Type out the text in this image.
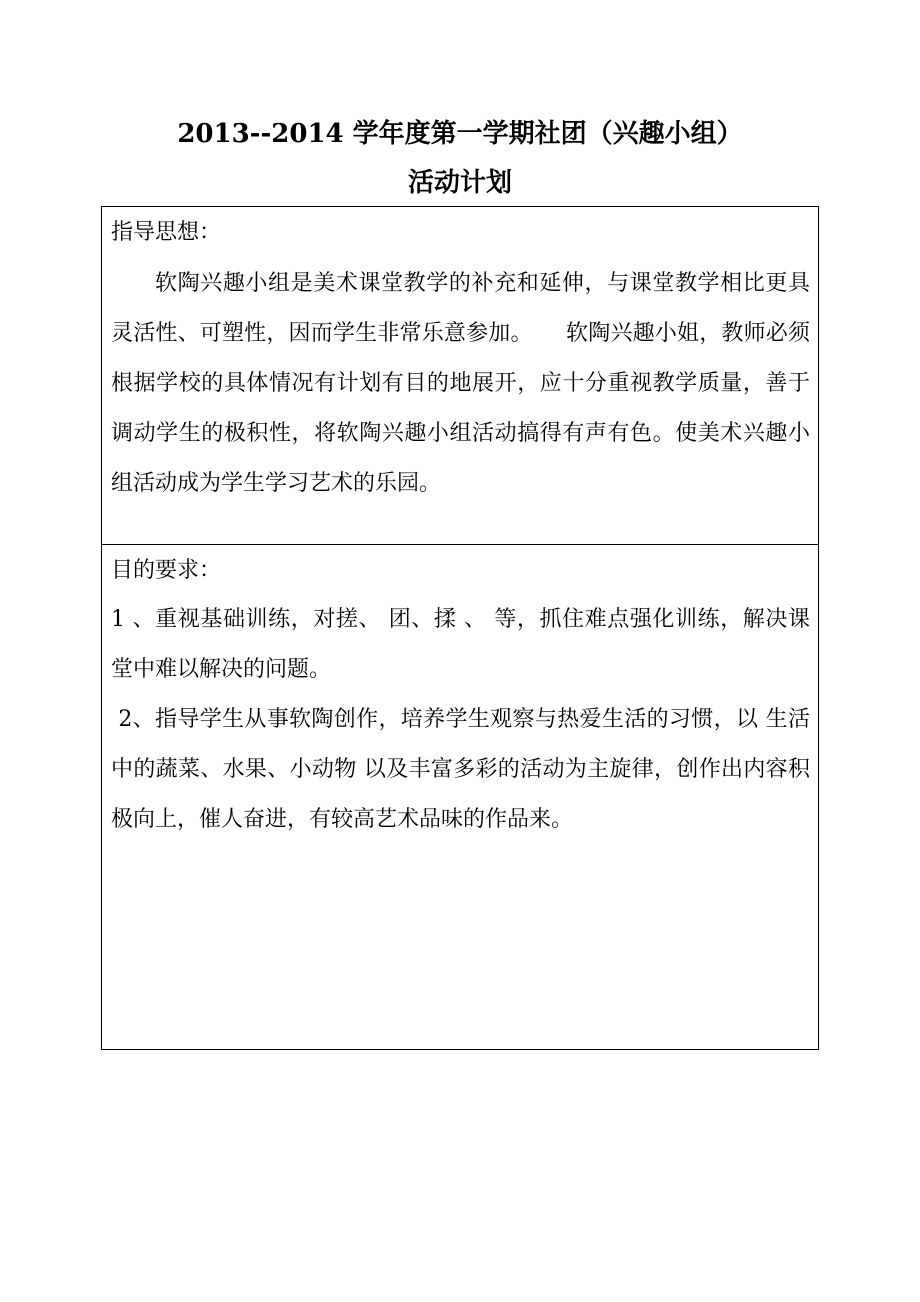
2013--2014 学年度第一学期社团（兴趣小组）
活动计划
指导思想：

软陶兴趣小组是美术课堂教学的补充和延伸，与课堂教学相比更具灵活性、可塑性，因而学生非常乐意参加。　　软陶兴趣小姐，教师必须根据学校的具体情况有计划有目的地展开，应十分重视教学质量，善于调动学生的极积性，将软陶兴趣小组活动搞得有声有色。使美术兴趣小组活动成为学生学习艺术的乐园。

目的要求：

1 、重视基础训练，对搓、 团、揉 、 等，抓住难点强化训练，解决课堂中难以解决的问题。

2、指导学生从事软陶创作，培养学生观察与热爱生活的习惯，以 生活中的蔬菜、水果、小动物 以及丰富多彩的活动为主旋律，创作出内容积极向上，催人奋进，有较高艺术品味的作品来。
